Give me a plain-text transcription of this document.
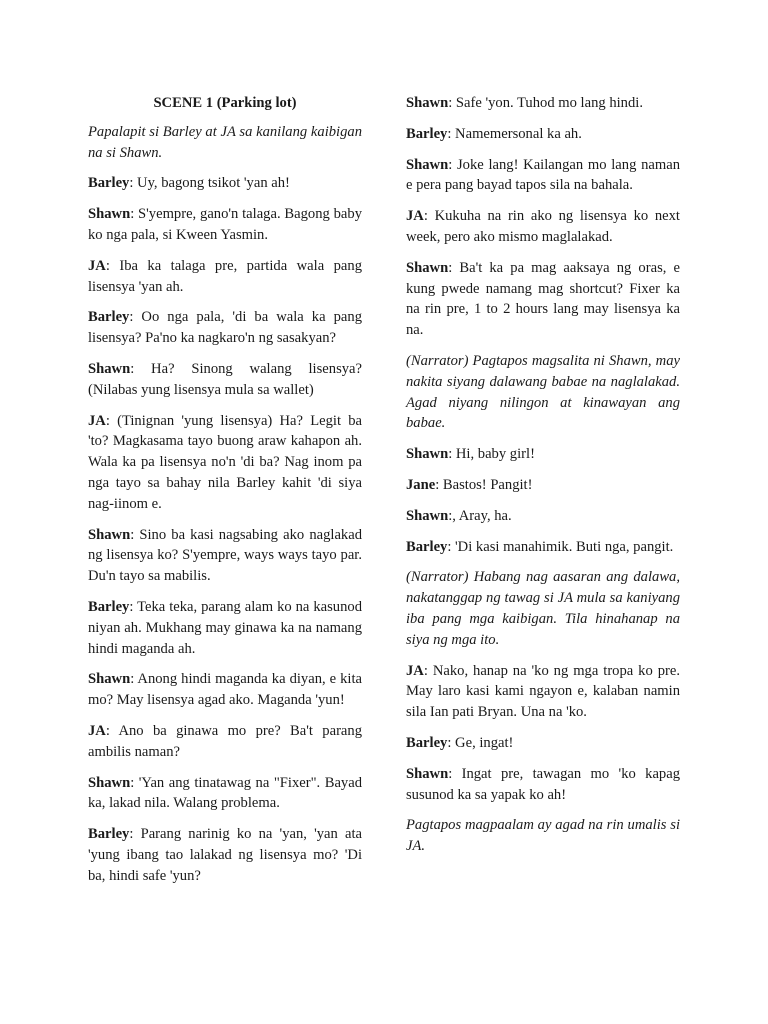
SCENE 1 (Parking lot)
Papalapit si Barley at JA sa kanilang kaibigan na si Shawn.
Barley: Uy, bagong tsikot 'yan ah!
Shawn: S'yempre, gano'n talaga. Bagong baby ko nga pala, si Kween Yasmin.
JA: Iba ka talaga pre, partida wala pang lisensya 'yan ah.
Barley: Oo nga pala, 'di ba wala ka pang lisensya? Pa'no ka nagkaro'n ng sasakyan?
Shawn: Ha? Sinong walang lisensya? (Nilabas yung lisensya mula sa wallet)
JA: (Tinignan 'yung lisensya) Ha? Legit ba 'to? Magkasama tayo buong araw kahapon ah. Wala ka pa lisensya no'n 'di ba? Nag inom pa nga tayo sa bahay nila Barley kahit 'di siya nag-iinom e.
Shawn: Sino ba kasi nagsabing ako naglakad ng lisensya ko? S'yempre, ways ways tayo par. Du'n tayo sa mabilis.
Barley: Teka teka, parang alam ko na kasunod niyan ah. Mukhang may ginawa ka na namang hindi maganda ah.
Shawn: Anong hindi maganda ka diyan, e kita mo? May lisensya agad ako. Maganda 'yun!
JA: Ano ba ginawa mo pre? Ba't parang ambilis naman?
Shawn: 'Yan ang tinatawag na "Fixer". Bayad ka, lakad nila. Walang problema.
Barley: Parang narinig ko na 'yan, 'yan ata 'yung ibang tao lalakad ng lisensya mo? 'Di ba, hindi safe 'yun?
Shawn: Safe 'yon. Tuhod mo lang hindi.
Barley: Namemersonal ka ah.
Shawn: Joke lang! Kailangan mo lang naman e pera pang bayad tapos sila na bahala.
JA: Kukuha na rin ako ng lisensya ko next week, pero ako mismo maglalakad.
Shawn: Ba't ka pa mag aaksaya ng oras, e kung pwede namang mag shortcut? Fixer ka na rin pre, 1 to 2 hours lang may lisensya ka na.
(Narrator) Pagtapos magsalita ni Shawn, may nakita siyang dalawang babae na naglalakad. Agad niyang nilingon at kinawayan ang babae.
Shawn: Hi, baby girl!
Jane: Bastos! Pangit!
Shawn:, Aray, ha.
Barley: 'Di kasi manahimik. Buti nga, pangit.
(Narrator) Habang nag aasaran ang dalawa, nakatanggap ng tawag si JA mula sa kaniyang iba pang mga kaibigan. Tila hinahanap na siya ng mga ito.
JA: Nako, hanap na 'ko ng mga tropa ko pre. May laro kasi kami ngayon e, kalaban namin sila Ian pati Bryan. Una na 'ko.
Barley: Ge, ingat!
Shawn: Ingat pre, tawagan mo 'ko kapag susunod ka sa yapak ko ah!
Pagtapos magpaalam ay agad na rin umalis si JA.
